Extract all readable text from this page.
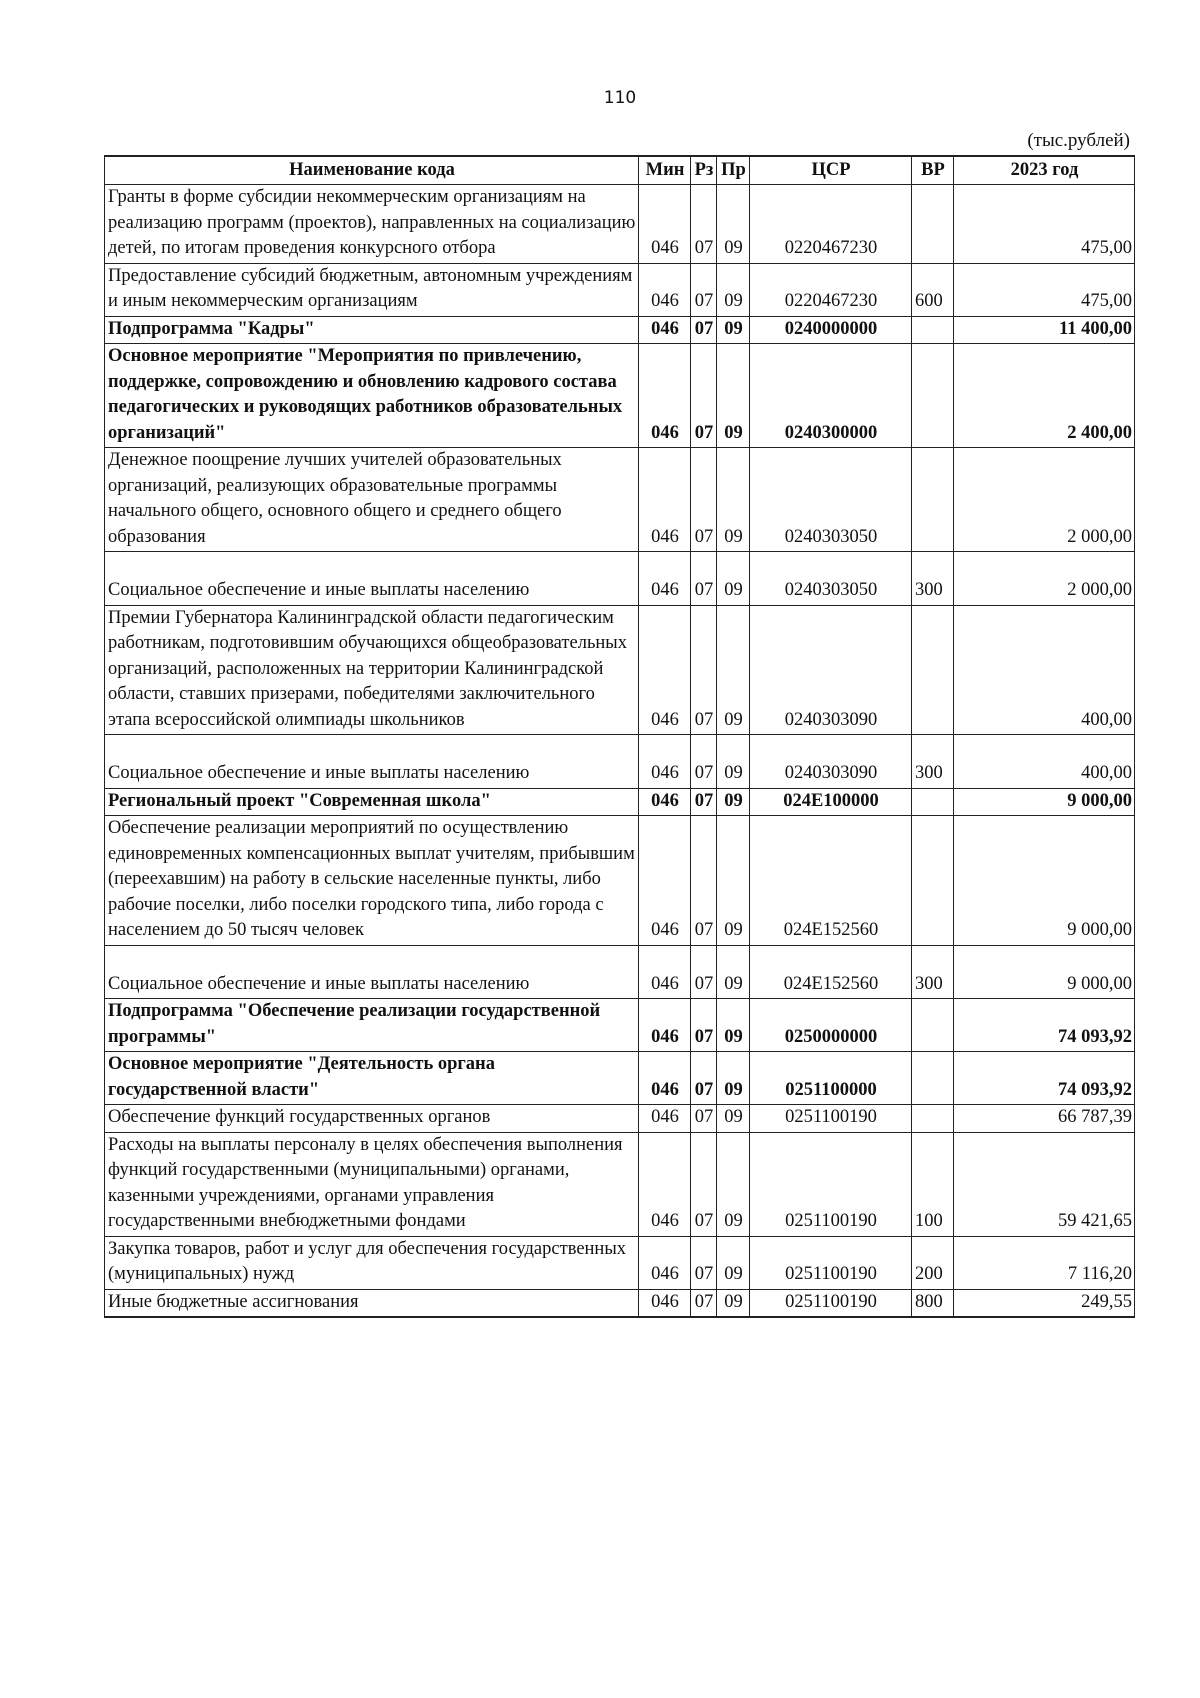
110
(тыс.рублей)
Наименование кода	Мин	Рз	Пр	ЦСР	ВР	2023 год
Гранты в форме субсидии некоммерческим организациям на реализацию программ (проектов), направленных на социализацию детей, по итогам проведения конкурсного отбора	046	07	09	0220467230		475,00
Предоставление субсидий бюджетным, автономным учреждениям и иным некоммерческим организациям	046	07	09	0220467230	600	475,00
Подпрограмма "Кадры"	046	07	09	0240000000		11 400,00
Основное мероприятие "Мероприятия по привлечению, поддержке, сопровождению и обновлению кадрового состава педагогических и руководящих работников образовательных организаций"	046	07	09	0240300000		2 400,00
Денежное поощрение лучших учителей образовательных организаций, реализующих образовательные программы начального общего, основного общего и среднего общего образования	046	07	09	0240303050		2 000,00
Социальное обеспечение и иные выплаты населению	046	07	09	0240303050	300	2 000,00
Премии Губернатора Калининградской области педагогическим работникам, подготовившим обучающихся общеобразовательных организаций, расположенных на территории Калининградской области, ставших призерами, победителями заключительного этапа всероссийской олимпиады школьников	046	07	09	0240303090		400,00
Социальное обеспечение и иные выплаты населению	046	07	09	0240303090	300	400,00
Региональный проект "Современная школа"	046	07	09	024E100000		9 000,00
Обеспечение реализации мероприятий по осуществлению единовременных компенсационных выплат учителям, прибывшим (переехавшим) на работу в сельские населенные пункты, либо рабочие поселки, либо поселки городского типа, либо города с населением до 50 тысяч человек	046	07	09	024E152560		9 000,00
Социальное обеспечение и иные выплаты населению	046	07	09	024E152560	300	9 000,00
Подпрограмма "Обеспечение реализации государственной программы"	046	07	09	0250000000		74 093,92
Основное мероприятие "Деятельность органа государственной власти"	046	07	09	0251100000		74 093,92
Обеспечение функций государственных органов	046	07	09	0251100190		66 787,39
Расходы на выплаты персоналу в целях обеспечения выполнения функций государственными (муниципальными) органами, казенными учреждениями, органами управления государственными внебюджетными фондами	046	07	09	0251100190	100	59 421,65
Закупка товаров, работ и услуг для обеспечения государственных (муниципальных) нужд	046	07	09	0251100190	200	7 116,20
Иные бюджетные ассигнования	046	07	09	0251100190	800	249,55
